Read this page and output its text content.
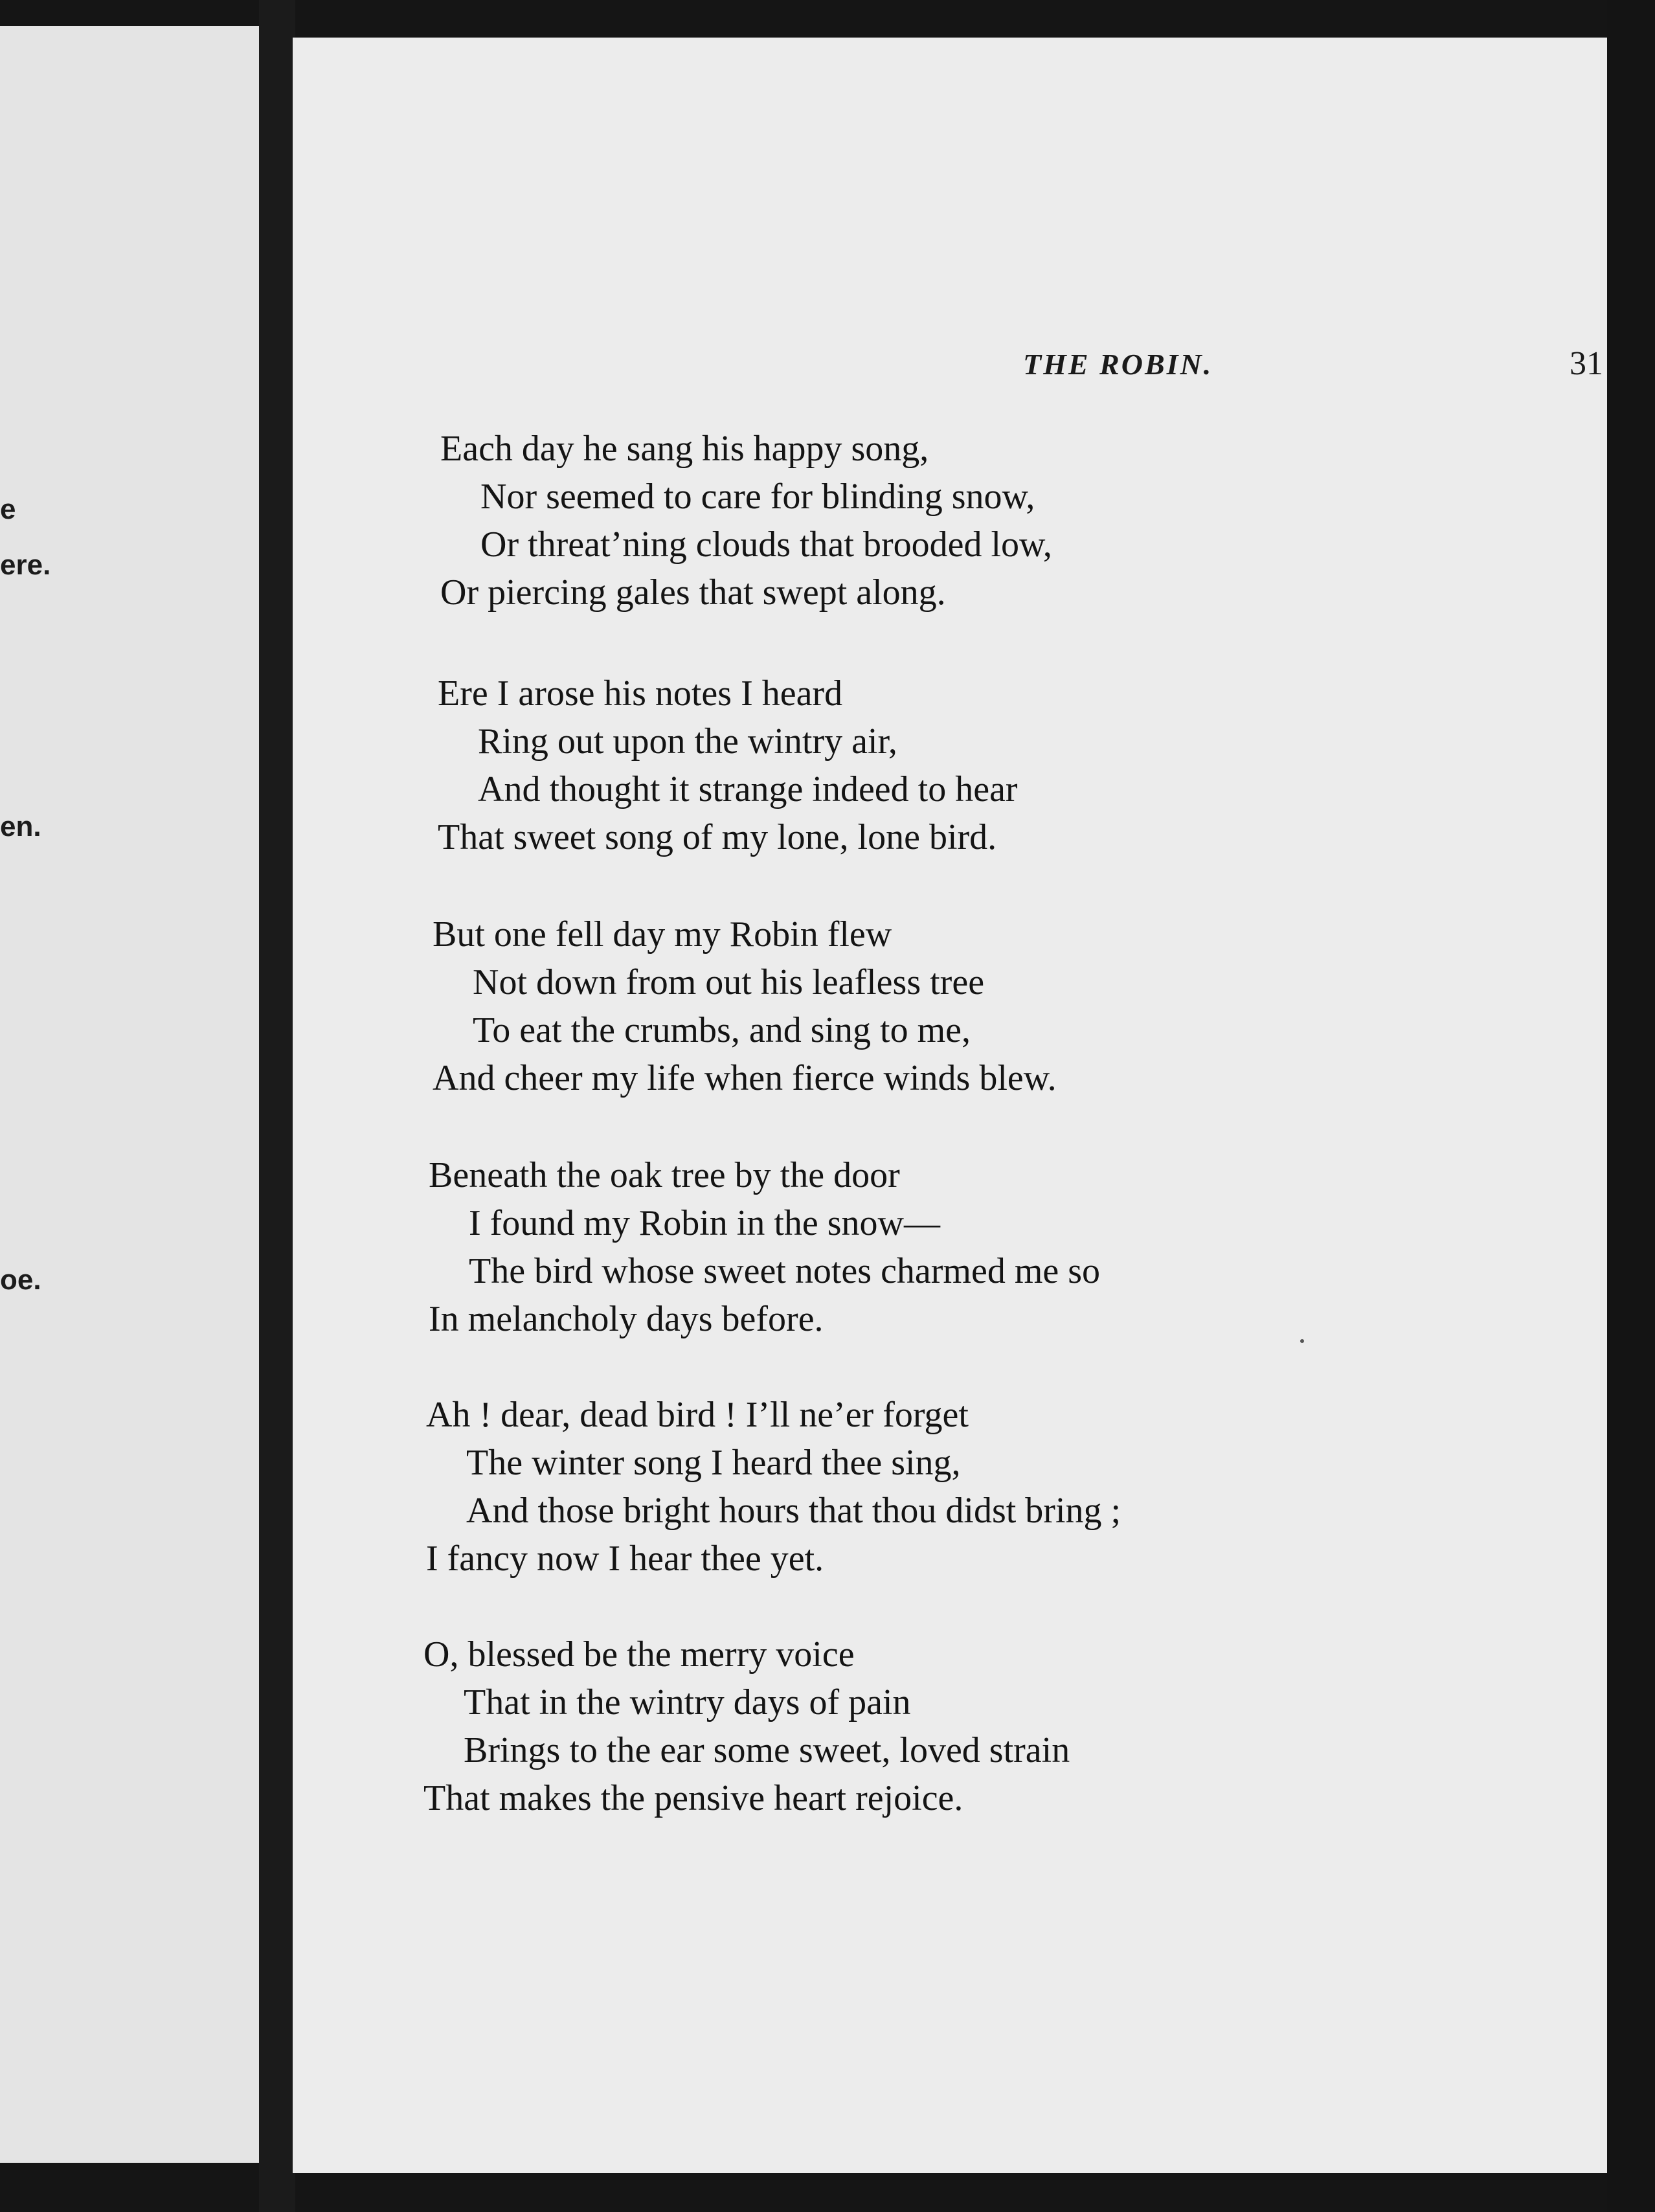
e
ere.
en.
oe.
THE ROBIN.	31
Each day he sang his happy song,
Nor seemed to care for blinding snow,
Or threat’ning clouds that brooded low,
Or piercing gales that swept along.
Ere I arose his notes I heard
Ring out upon the wintry air,
And thought it strange indeed to hear
That sweet song of my lone, lone bird.
But one fell day my Robin flew
Not down from out his leafless tree
To eat the crumbs, and sing to me,
And cheer my life when fierce winds blew.
Beneath the oak tree by the door
I found my Robin in the snow—
The bird whose sweet notes charmed me so
In melancholy days before.
Ah ! dear, dead bird ! I’ll ne’er forget
The winter song I heard thee sing,
And those bright hours that thou didst bring ;
I fancy now I hear thee yet.
O, blessed be the merry voice
That in the wintry days of pain
Brings to the ear some sweet, loved strain
That makes the pensive heart rejoice.
